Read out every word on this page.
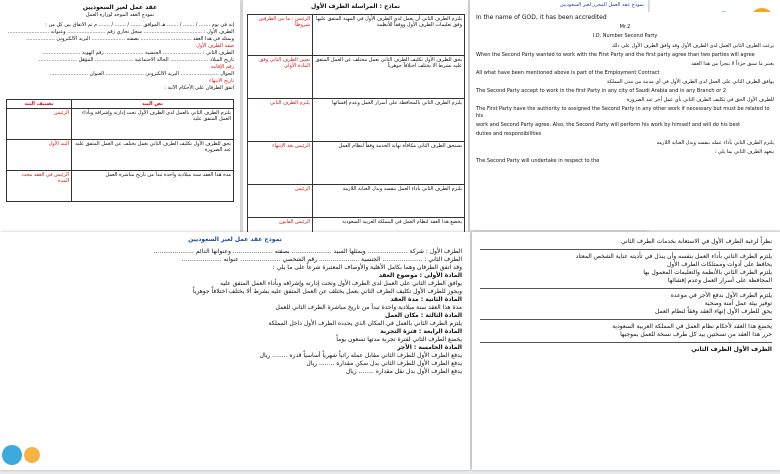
عقد عمل لغير السعوديين
نموذج العقد الموحد لوزارة العمل
إنه في يوم ....... / ....... / ....... هـ الموافق ....... / ....... / ....... م تم الاتفاق بين كل من :
الطرف الأول : ..................................... سجل تجاري رقم ........................ وعنوانه ..........................
ويمثله في هذا العقد ................................ بصفته ..................... البريد الالكتروني ..................
صفة الطرف الأول
الطرف الثاني : ........................ الجنسية ........................ رقم الهوية ........................
تاريخ الميلاد ........................ الحالة الاجتماعية ........................ المؤهل ........................
رقم الإقامة
الجوال ........................ البريد الالكتروني ........................ العنوان ........................
تاريخ الانتهاء
اتفق الطرفان على الأحكام الآتية :
نص البند	تصنيف البند
يلتزم الطرف الثاني بالعمل لدى الطرف الأول تحت إدارته وإشرافه وبأداء العمل المتفق عليه	الرئيس
يحق للطرف الأول تكليف الطرف الثاني بعمل يختلف عن العمل المتفق عليه عند الضرورة	البند الأول
مدة هذا العقد سنة ميلادية واحدة تبدأ من تاريخ مباشرة العمل	الرئيس في العقد محدد المدة
نماذج : المراسلة الطرف الأول
يلتزم الطرف الثاني أن يعمل لدى الطرف الأول في المهنة المتفق عليها وفق تعليمات الطرف الأول ووفقاً للأنظمة	الرئيس : ما بين الطرفين شروطاً
يحق للطرف الأول تكليف الطرف الثاني بعمل مختلف عن العمل المتفق عليه بشرط ألا يختلف اختلافاً جوهرياً	تعيين الطرف الثاني وفق المادة الأولى
يلتزم الطرف الثاني بالمحافظة على أسرار العمل وعدم إفشائها	يلتزم الطرف الثاني
يستحق الطرف الثاني مكافأة نهاية الخدمة وفقاً لنظام العمل	الرئيس بعد الإنتهاء
يلتزم الطرف الثاني بأداء العمل بنفسه وبذل العناية اللازمة	الرئيس
يخضع هذا العقد لنظام العمل في المملكة العربية السعودية	الرئيس القانون
نموذج عقد العمل المحرر لغير السعوديين
In the name of GOD, it has been accredited
Mr.2
I.D. Number Second Party
يرغب الطرف الثاني العمل لدى الطرف الأول وقد وافق الطرف الأول على ذلك
When the Second Party wanted to work with the First Party and the first party agree than two parties will agree
يعتبر ما سبق جزءاً لا يتجزأ من هذا العقد
All what have been mentioned above is part of the Employment Contract
يوافق الطرف الثاني على العمل لدى الطرف الأول في أي مدينة من مدن المملكة
The Second Party accept to work in the first Party in any city of Saudi Arabia and in any Branch or 2
للطرف الأول الحق في تكليف الطرف الثاني بأي عمل آخر عند الضرورة
The First Party have the authority to assigned the Second Party in any other work if necessary but must be related to his
work and Second Party agree. Also, the Second Party will perform his work by himself and will do his best
duties and responsibilities
يلتزم الطرف الثاني بأداء عمله بنفسه وبذل العناية اللازمة
يتعهد الطرف الثاني بما يلي :
The Second Party will undertake in respect to the
نموذج عقد عمل لغير السعوديين
الطرف الأول : شركة ..................... ويمثلها السيد ..................... بصفته ..................... وعنوانها الدائم .....................
الطرف الثاني : ..................... الجنسية ..................... رقم الشخصي ..................... عنوانه .....................
وقد اتفق الطرفان وهما بكامل الأهلية والأوصاف المعتبرة شرعاً على ما يلي :
المادة الأولى : موضوع العقد
يوافق الطرف الثاني على العمل لدى الطرف الأول وتحت إدارته وإشرافه وبأداء العمل المتفق عليه
ويجوز للطرف الأول تكليف الطرف الثاني بعمل يختلف عن العمل المتفق عليه بشرط ألا يختلف اختلافاً جوهرياً
المادة الثانية : مدة العقد
مدة هذا العقد سنة ميلادية واحدة تبدأ من تاريخ مباشرة الطرف الثاني للعمل
المادة الثالثة : مكان العمل
يلتزم الطرف الثاني بالعمل في المكان الذي يحدده الطرف الأول داخل المملكة
المادة الرابعة : فترة التجربة
يخضع الطرف الثاني لفترة تجربة مدتها تسعون يوماً
المادة الخامسة : الأجر
يدفع الطرف الأول للطرف الثاني مقابل عمله راتباً شهرياً أساسياً قدره ........ ريال
يدفع الطرف الأول للطرف الثاني بدل سكن مقداره ........ ريال
يدفع الطرف الأول بدل نقل مقداره ........ ريال
نظراً لرغبة الطرف الأول في الاستعانة بخدمات الطرف الثاني
يلتزم الطرف الثاني بأداء العمل بنفسه وأن يبذل في تأديته عناية الشخص المعتاد
يحافظ على أدوات وممتلكات الطرف الأول
يلتزم الطرف الثاني بالأنظمة والتعليمات المعمول بها
المحافظة على أسرار العمل وعدم إفشائها
يلتزم الطرف الأول بدفع الأجر في موعده
توفير بيئة عمل آمنة وصحية
يحق للطرف الأول إنهاء العقد وفقاً لنظام العمل
يخضع هذا العقد لأحكام نظام العمل في المملكة العربية السعودية
حرر هذا العقد من نسختين بيد كل طرف نسخة للعمل بموجبها
الطرف الأول الطرف الثاني
